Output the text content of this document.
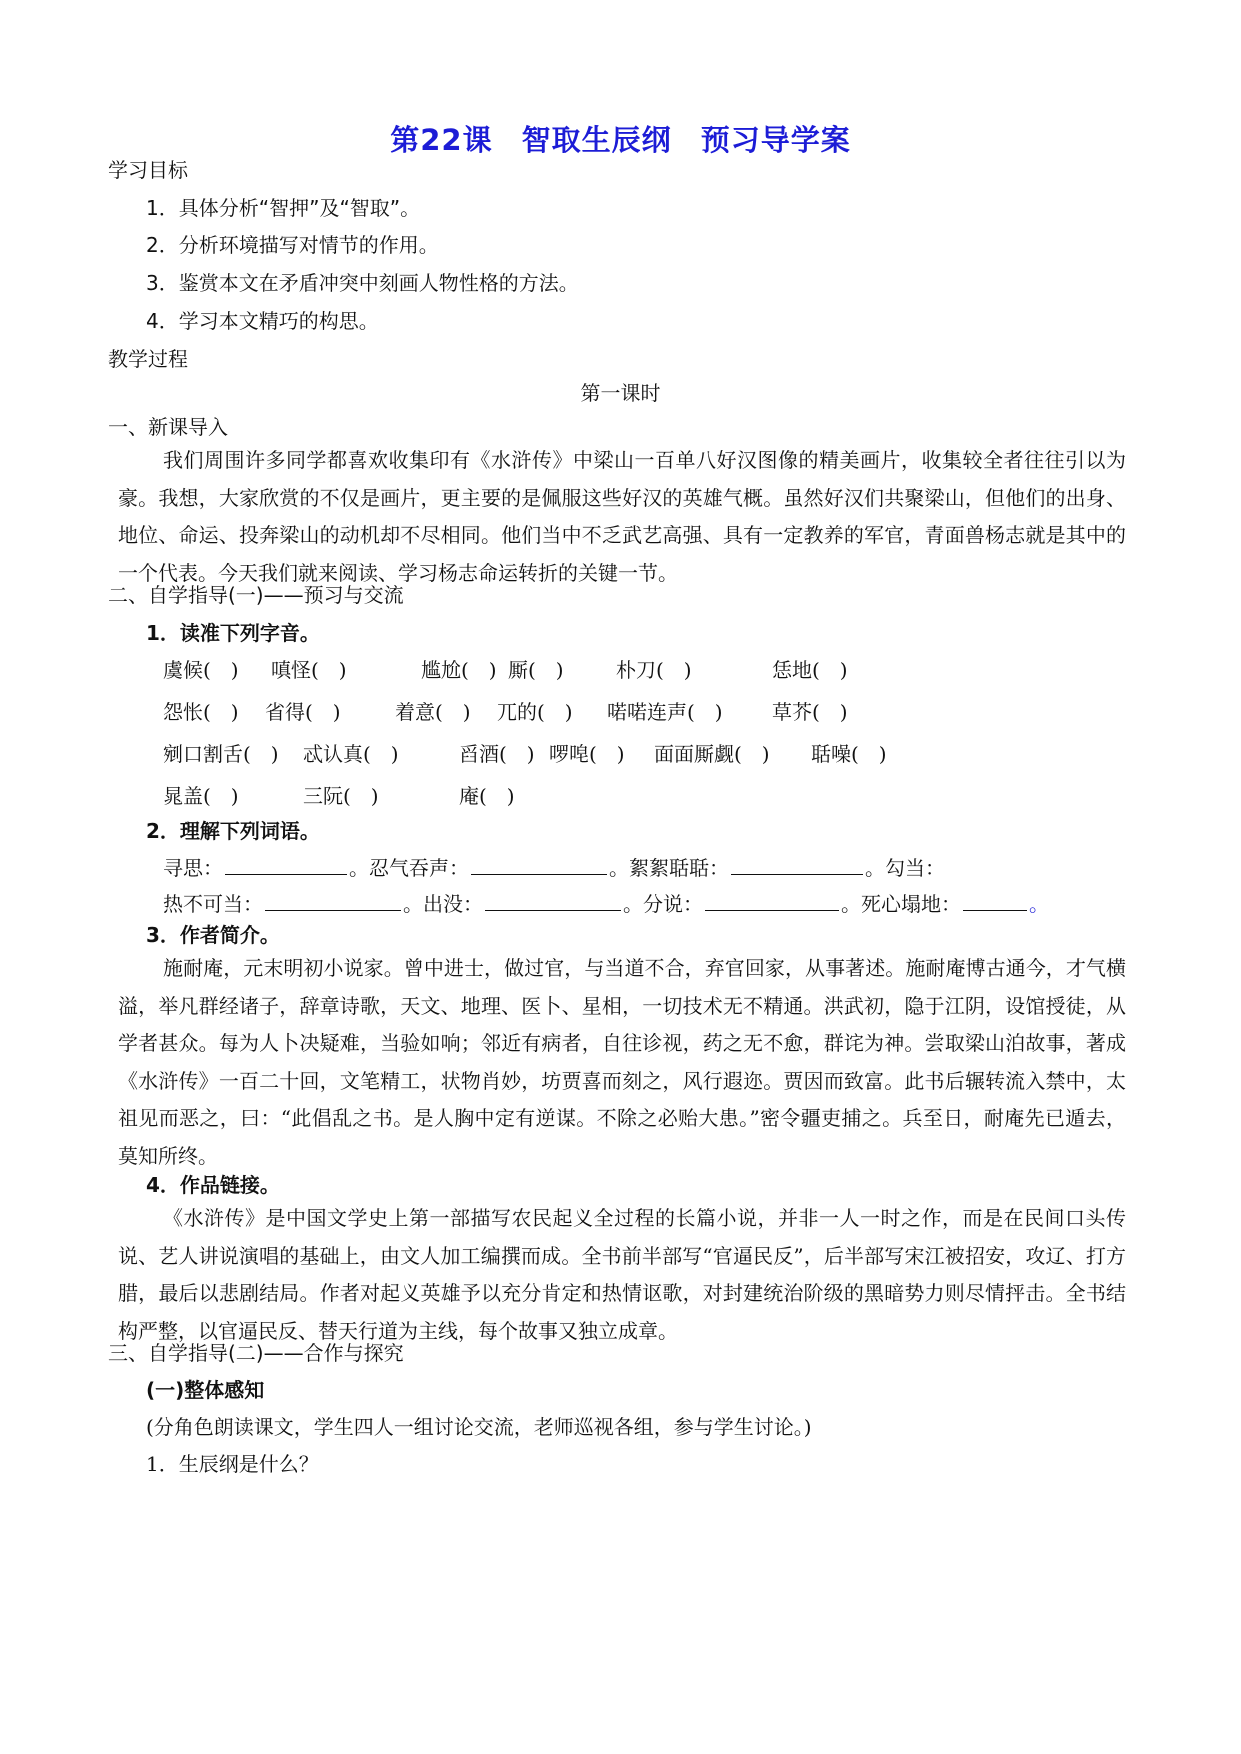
第22课 智取生辰纲 预习导学案
学习目标
1．具体分析“智押”及“智取”。
2．分析环境描写对情节的作用。
3．鉴赏本文在矛盾冲突中刻画人物性格的方法。
4．学习本文精巧的构思。
教学过程
第一课时
一、新课导入
我们周围许多同学都喜欢收集印有《水浒传》中梁山一百单八好汉图像的精美画片，收集较全者往往引以为豪。我想，大家欣赏的不仅是画片，更主要的是佩服这些好汉的英雄气概。虽然好汉们共聚梁山，但他们的出身、地位、命运、投奔梁山的动机却不尽相同。他们当中不乏武艺高强、具有一定教养的军官，青面兽杨志就是其中的一个代表。今天我们就来阅读、学习杨志命运转折的关键一节。
二、自学指导(一)——预习与交流
1．读准下列字音。
虞候(　) 嗔怪(　)	尴尬(　) 厮(　)	朴刀(　)	恁地(　)
怨怅(　) 省得(　)	着意(　) 兀的(　) 喏喏连声(　) 草芥(　)
剜口割舌(　) 忒认真(　)	舀酒(　) 啰唣(　) 面面厮觑(　) 聒噪(　)
晁盖(　)	三阮(　)	庵(　)
2．理解下列词语。
寻思：	。忍气吞声：	。絮絮聒聒：	。勾当：
热不可当：	。出没：	。分说：	。死心塌地：	。
3．作者简介。
施耐庵，元末明初小说家。曾中进士，做过官，与当道不合，弃官回家，从事著述。施耐庵博古通今，才气横溢，举凡群经诸子，辞章诗歌，天文、地理、医卜、星相，一切技术无不精通。洪武初，隐于江阴，设馆授徒，从学者甚众。每为人卜决疑难，当验如响；邻近有病者，自往诊视，药之无不愈，群诧为神。尝取梁山泊故事，著成《水浒传》一百二十回，文笔精工，状物肖妙，坊贾喜而刻之，风行遐迩。贾因而致富。此书后辗转流入禁中，太祖见而恶之，曰：“此倡乱之书。是人胸中定有逆谋。不除之必贻大患。”密令疆吏捕之。兵至日，耐庵先已遁去，莫知所终。
4．作品链接。
《水浒传》是中国文学史上第一部描写农民起义全过程的长篇小说，并非一人一时之作，而是在民间口头传说、艺人讲说演唱的基础上，由文人加工编撰而成。全书前半部写“官逼民反”，后半部写宋江被招安，攻辽、打方腊，最后以悲剧结局。作者对起义英雄予以充分肯定和热情讴歌，对封建统治阶级的黑暗势力则尽情抨击。全书结构严整，以官逼民反、替天行道为主线，每个故事又独立成章。
三、自学指导(二)——合作与探究
(一)整体感知
(分角色朗读课文，学生四人一组讨论交流，老师巡视各组，参与学生讨论。)
1．生辰纲是什么？
